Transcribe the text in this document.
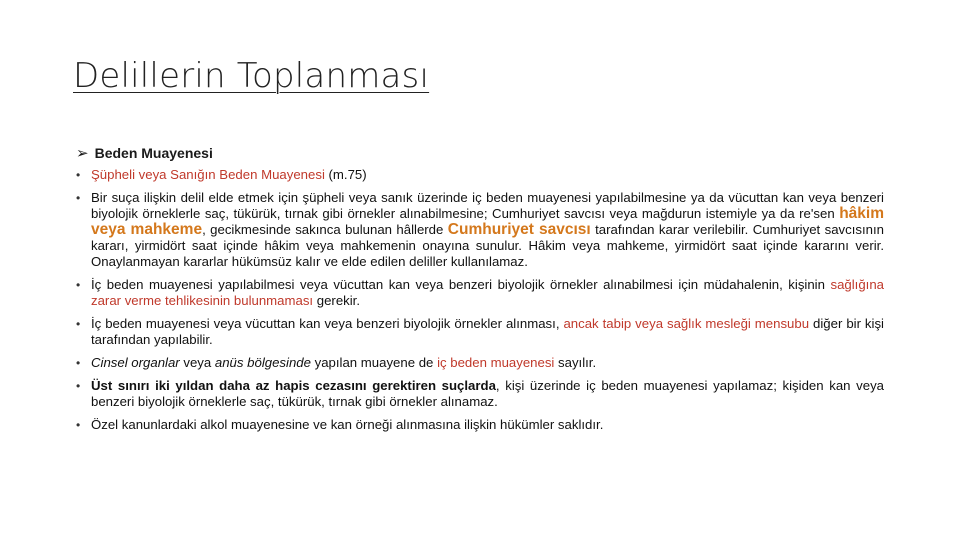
Delillerin Toplanması
➢ Beden Muayenesi
• Şüpheli veya Sanığın Beden Muayenesi (m.75)
• Bir suça ilişkin delil elde etmek için şüpheli veya sanık üzerinde iç beden muayenesi yapılabilmesine ya da vücuttan kan veya benzeri biyolojik örneklerle saç, tükürük, tırnak gibi örnekler alınabilmesine; Cumhuriyet savcısı veya mağdurun istemiyle ya da re'sen hâkim veya mahkeme, gecikmesinde sakınca bulunan hâllerde Cumhuriyet savcısı tarafından karar verilebilir. Cumhuriyet savcısının kararı, yirmidört saat içinde hâkim veya mahkemenin onayına sunulur. Hâkim veya mahkeme, yirmidört saat içinde kararını verir. Onaylanmayan kararlar hükümsüz kalır ve elde edilen deliller kullanılamaz.
• İç beden muayenesi yapılabilmesi veya vücuttan kan veya benzeri biyolojik örnekler alınabilmesi için müdahalenin, kişinin sağlığına zarar verme tehlikesinin bulunmaması gerekir.
• İç beden muayenesi veya vücuttan kan veya benzeri biyolojik örnekler alınması, ancak tabip veya sağlık mesleği mensubu diğer bir kişi tarafından yapılabilir.
• Cinsel organlar veya anüs bölgesinde yapılan muayene de iç beden muayenesi sayılır.
• Üst sınırı iki yıldan daha az hapis cezasını gerektiren suçlarda, kişi üzerinde iç beden muayenesi yapılamaz; kişiden kan veya benzeri biyolojik örneklerle saç, tükürük, tırnak gibi örnekler alınamaz.
• Özel kanunlardaki alkol muayenesine ve kan örneği alınmasına ilişkin hükümler saklıdır.
